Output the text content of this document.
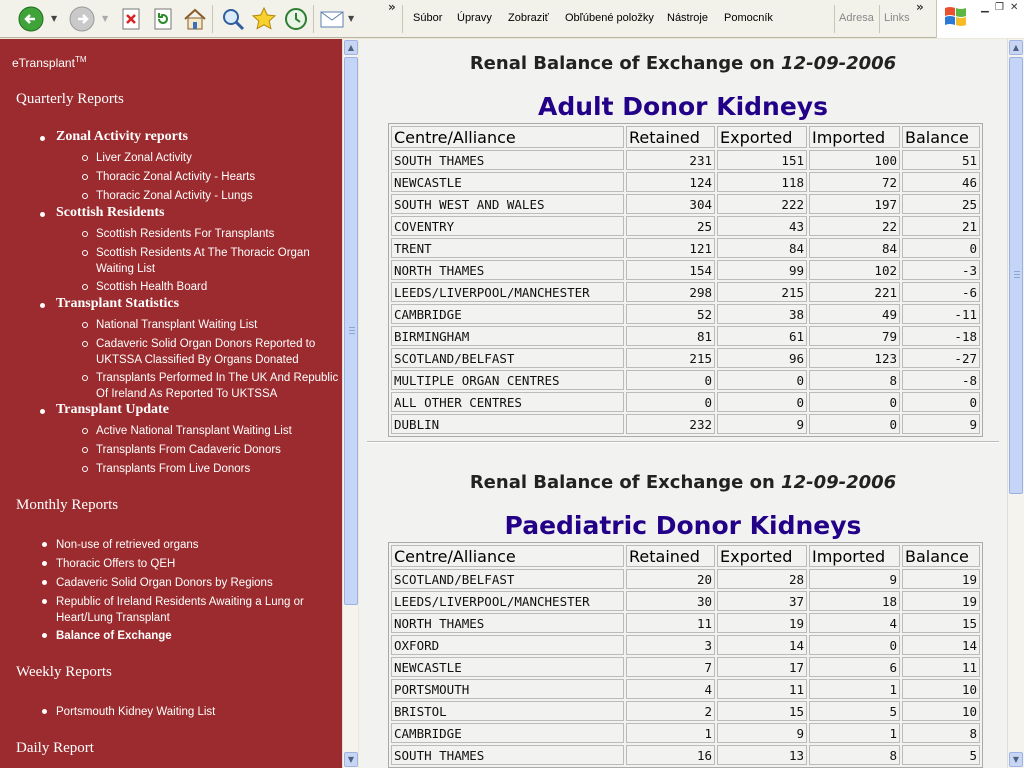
▼	▼	▼
»
Súbor Úpravy Zobraziť Obľúbené položky Nástroje Pomocník	Adresa Links
»	▁ ❐ ✕
eTransplant™
Quarterly Reports
Zonal Activity reports
Liver Zonal Activity
Thoracic Zonal Activity - Hearts
Thoracic Zonal Activity - Lungs
Scottish Residents
Scottish Residents For Transplants
Scottish Residents At The Thoracic Organ Waiting List
Scottish Health Board
Transplant Statistics
National Transplant Waiting List
Cadaveric Solid Organ Donors Reported to UKTSSA Classified By Organs Donated
Transplants Performed In The UK And Republic Of Ireland As Reported To UKTSSA
Transplant Update
Active National Transplant Waiting List
Transplants From Cadaveric Donors
Transplants From Live Donors
Monthly Reports
Non-use of retrieved organs
Thoracic Offers to QEH
Cadaveric Solid Organ Donors by Regions
Republic of Ireland Residents Awaiting a Lung or Heart/Lung Transplant
Balance of Exchange
Weekly Reports
Portsmouth Kidney Waiting List
Daily Report
▲
▼
Renal Balance of Exchange on 12-09-2006
Adult Donor Kidneys
Centre/Alliance	Retained	Exported	Imported	Balance
SOUTH THAMES	231	151	100	51
NEWCASTLE	124	118	72	46
SOUTH WEST AND WALES	304	222	197	25
COVENTRY	25	43	22	21
TRENT	121	84	84	0
NORTH THAMES	154	99	102	-3
LEEDS/LIVERPOOL/MANCHESTER	298	215	221	-6
CAMBRIDGE	52	38	49	-11
BIRMINGHAM	81	61	79	-18
SCOTLAND/BELFAST	215	96	123	-27
MULTIPLE ORGAN CENTRES	0	0	8	-8
ALL OTHER CENTRES	0	0	0	0
DUBLIN	232	9	0	9
Renal Balance of Exchange on 12-09-2006
Paediatric Donor Kidneys
Centre/Alliance	Retained	Exported	Imported	Balance
SCOTLAND/BELFAST	20	28	9	19
LEEDS/LIVERPOOL/MANCHESTER	30	37	18	19
NORTH THAMES	11	19	4	15
OXFORD	3	14	0	14
NEWCASTLE	7	17	6	11
PORTSMOUTH	4	11	1	10
BRISTOL	2	15	5	10
CAMBRIDGE	1	9	1	8
SOUTH THAMES	16	13	8	5
▲
▼
